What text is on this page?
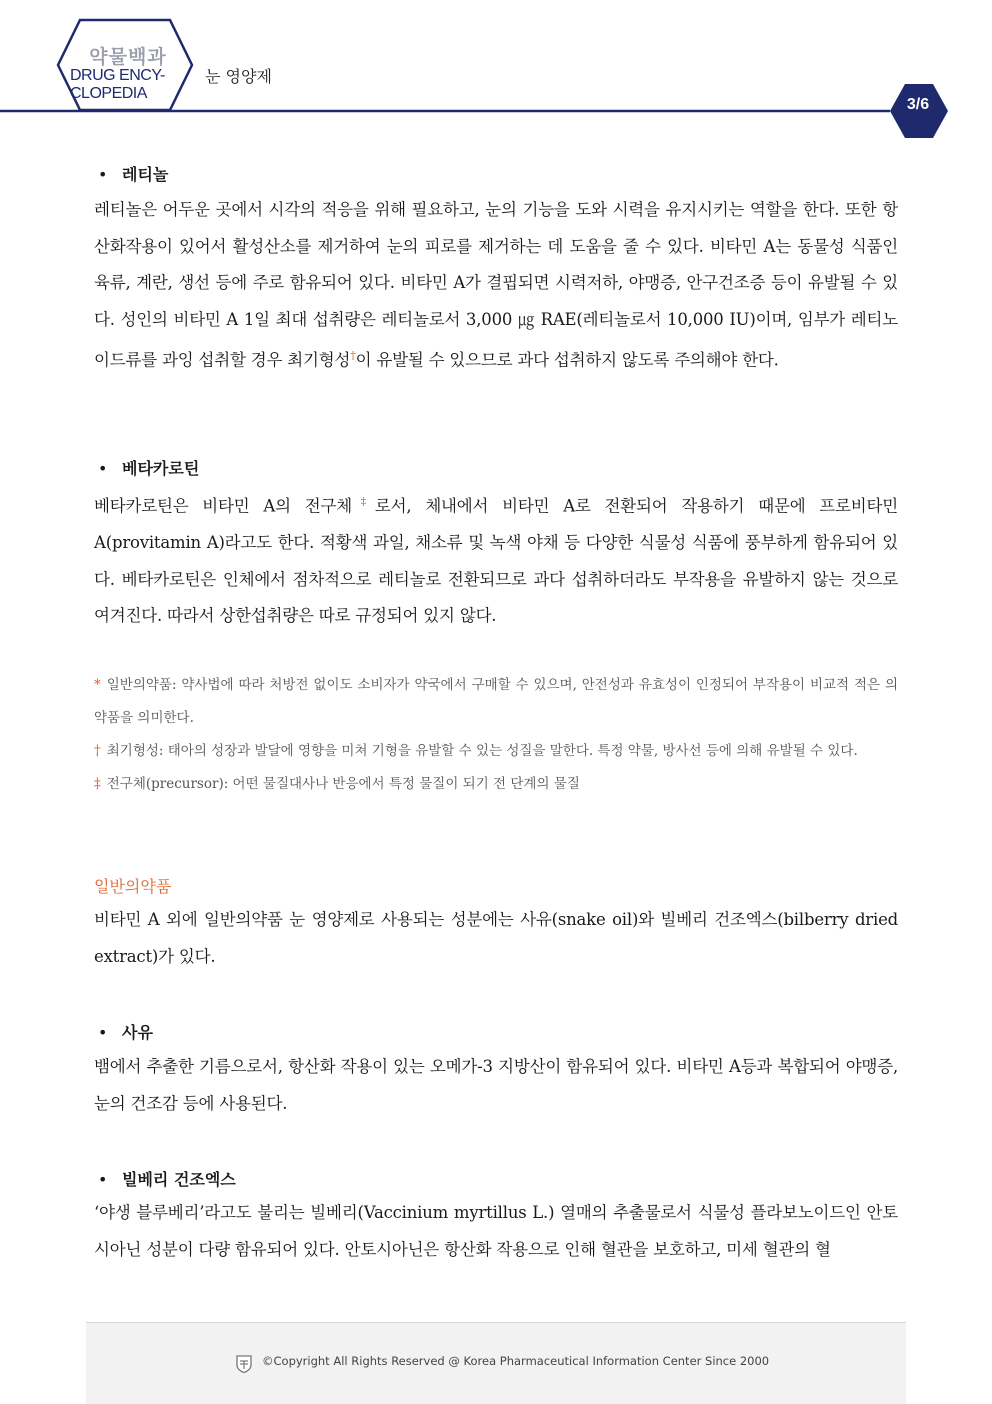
약물백과
DRUG ENCY-
CLOPEDIA
눈 영양제
3/6
• 레티놀
레티놀은 어두운 곳에서 시각의 적응을 위해 필요하고, 눈의 기능을 도와 시력을 유지시키는 역할을 한다. 또한 항산화작용이 있어서 활성산소를 제거하여 눈의 피로를 제거하는 데 도움을 줄 수 있다. 비타민 A는 동물성 식품인 육류, 계란, 생선 등에 주로 함유되어 있다. 비타민 A가 결핍되면 시력저하, 야맹증, 안구건조증 등이 유발될 수 있다. 성인의 비타민 A 1일 최대 섭취량은 레티놀로서 3,000 ㎍ RAE(레티놀로서 10,000 IU)이며, 임부가 레티노이드류를 과잉 섭취할 경우 최기형성†이 유발될 수 있으므로 과다 섭취하지 않도록 주의해야 한다.
• 베타카로틴
베타카로틴은 비타민 A의 전구체‡로서, 체내에서 비타민 A로 전환되어 작용하기 때문에 프로비타민 A(provitamin A)라고도 한다. 적황색 과일, 채소류 및 녹색 야채 등 다양한 식물성 식품에 풍부하게 함유되어 있다. 베타카로틴은 인체에서 점차적으로 레티놀로 전환되므로 과다 섭취하더라도 부작용을 유발하지 않는 것으로 여겨진다. 따라서 상한섭취량은 따로 규정되어 있지 않다.

* 일반의약품: 약사법에 따라 처방전 없이도 소비자가 약국에서 구매할 수 있으며, 안전성과 유효성이 인정되어 부작용이 비교적 적은 의약품을 의미한다.

† 최기형성: 태아의 성장과 발달에 영향을 미쳐 기형을 유발할 수 있는 성질을 말한다. 특정 약물, 방사선 등에 의해 유발될 수 있다.

‡ 전구체(precursor): 어떤 물질대사나 반응에서 특정 물질이 되기 전 단계의 물질

일반의약품
비타민 A 외에 일반의약품 눈 영양제로 사용되는 성분에는 사유(snake oil)와 빌베리 건조엑스(bilberry dried extract)가 있다.
• 사유
뱀에서 추출한 기름으로서, 항산화 작용이 있는 오메가-3 지방산이 함유되어 있다. 비타민 A등과 복합되어 야맹증, 눈의 건조감 등에 사용된다.
• 빌베리 건조엑스
‘야생 블루베리’라고도 불리는 빌베리(Vaccinium myrtillus L.) 열매의 추출물로서 식물성 플라보노이드인 안토시아닌 성분이 다량 함유되어 있다. 안토시아닌은 항산화 작용으로 인해 혈관을 보호하고, 미세 혈관의 혈
©Copyright All Rights Reserved @ Korea Pharmaceutical Information Center Since 2000
